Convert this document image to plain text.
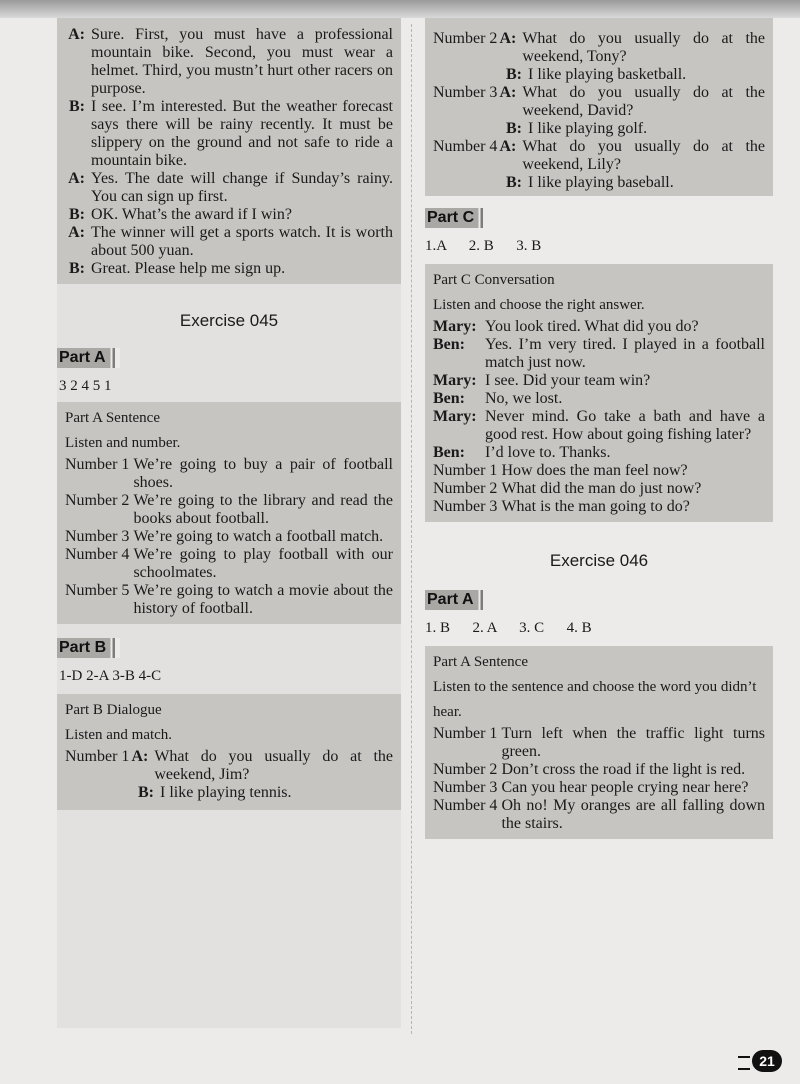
A: Sure. First, you must have a professional mountain bike. Second, you must wear a helmet. Third, you mustn’t hurt other racers on purpose.
B: I see. I’m interested. But the weather forecast says there will be rainy recently. It must be slippery on the ground and not safe to ride a mountain bike.
A: Yes. The date will change if Sunday’s rainy. You can sign up first.
B: OK. What’s the award if I win?
A: The winner will get a sports watch. It is worth about 500 yuan.
B: Great. Please help me sign up.

Exercise 045

Part A

3 2 4 5 1

Part A Sentence

Listen and number.

Number 1 We’re going to buy a pair of football shoes.
Number 2 We’re going to the library and read the books about football.
Number 3 We’re going to watch a football match.
Number 4 We’re going to play football with our schoolmates.
Number 5 We’re going to watch a movie about the history of football.
Part B

1-D 2-A 3-B 4-C

Part B Dialogue

Listen and match.

Number 1 A: What do you usually do at the weekend, Jim?
B: I like playing tennis.
Number 2 A: What do you usually do at the weekend, Tony?
B: I like playing basketball.
Number 3 A: What do you usually do at the weekend, David?
B: I like playing golf.
Number 4 A: What do you usually do at the weekend, Lily?
B: I like playing baseball.
Part C

1.A      2. B      3. B

Part C Conversation

Listen and choose the right answer.

Mary: You look tired. What did you do?
Ben:	Yes. I’m very tired. I played in a football match just now.
Mary: I see. Did your team win?
Ben:	No, we lost.
Mary: Never mind. Go take a bath and have a good rest. How about going fishing later?
Ben:	I’d love to. Thanks.
Number 1 How does the man feel now?
Number 2 What did the man do just now?
Number 3 What is the man going to do?

Exercise 046

Part A

1. B      2. A      3. C      4. B

Part A Sentence

Listen to the sentence and choose the word you didn’t hear.

Number 1 Turn left when the traffic light turns green.
Number 2 Don’t cross the road if the light is red.
Number 3 Can you hear people crying near here?
Number 4 Oh no! My oranges are all falling down the stairs.
21
